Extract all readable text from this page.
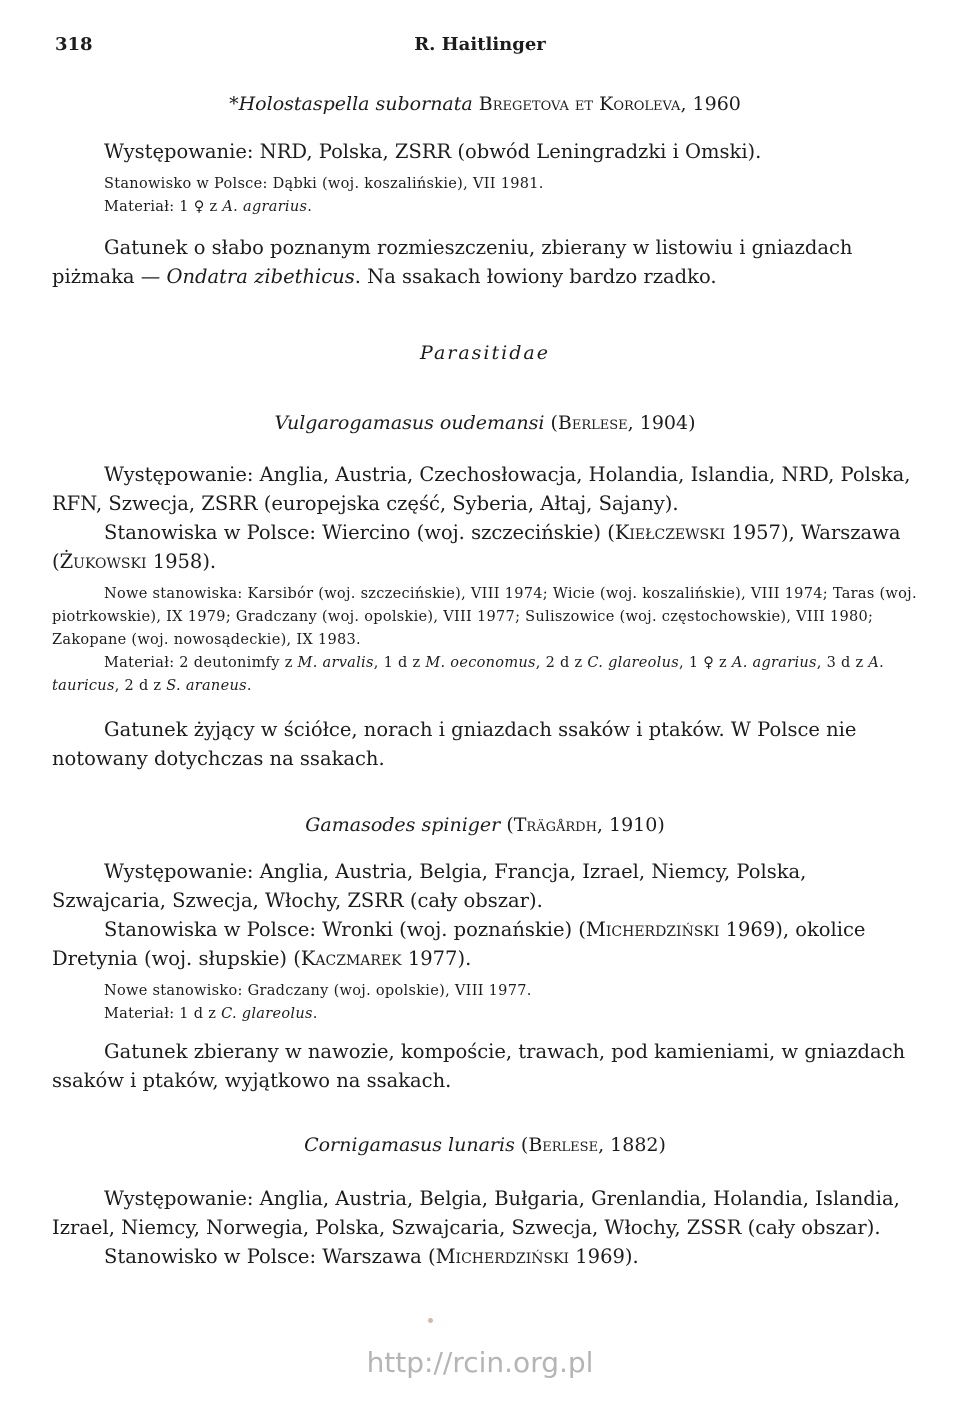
318	R. Haitlinger
*Holostaspella subornata Bregetova et Koroleva, 1960

Występowanie: NRD, Polska, ZSRR (obwód Leningradzki i Omski).

Stanowisko w Polsce: Dąbki (woj. koszalińskie), VII 1981.

Materiał: 1 ♀ z A. agrarius.

Gatunek o słabo poznanym rozmieszczeniu, zbierany w listowiu i gniazdach piżmaka — Ondatra zibethicus. Na ssakach łowiony bardzo rzadko.

Parasitidae
Vulgarogamasus oudemansi (Berlese, 1904)

Występowanie: Anglia, Austria, Czechosłowacja, Holandia, Islandia, NRD, Polska, RFN, Szwecja, ZSRR (europejska część, Syberia, Ałtaj, Sajany).

Stanowiska w Polsce: Wiercino (woj. szczecińskie) (Kiełczewski 1957), Warszawa (Żukowski 1958).

Nowe stanowiska: Karsibór (woj. szczecińskie), VIII 1974; Wicie (woj. koszalińskie), VIII 1974; Taras (woj. piotrkowskie), IX 1979; Gradczany (woj. opolskie), VIII 1977; Suliszowice (woj. częstochowskie), VIII 1980; Zakopane (woj. nowosądeckie), IX 1983.

Materiał: 2 deutonimfy z M. arvalis, 1 d z M. oeconomus, 2 d z C. glareolus, 1 ♀ z A. agrarius, 3 d z A. tauricus, 2 d z S. araneus.

Gatunek żyjący w ściółce, norach i gniazdach ssaków i ptaków. W Polsce nie notowany dotychczas na ssakach.

Gamasodes spiniger (Trägårdh, 1910)

Występowanie: Anglia, Austria, Belgia, Francja, Izrael, Niemcy, Polska, Szwajcaria, Szwecja, Włochy, ZSRR (cały obszar).

Stanowiska w Polsce: Wronki (woj. poznańskie) (Micherdziński 1969), okolice Dretynia (woj. słupskie) (Kaczmarek 1977).

Nowe stanowisko: Gradczany (woj. opolskie), VIII 1977.

Materiał: 1 d z C. glareolus.

Gatunek zbierany w nawozie, kompoście, trawach, pod kamieniami, w gniazdach ssaków i ptaków, wyjątkowo na ssakach.

Cornigamasus lunaris (Berlese, 1882)

Występowanie: Anglia, Austria, Belgia, Bułgaria, Grenlandia, Holandia, Islandia, Izrael, Niemcy, Norwegia, Polska, Szwajcaria, Szwecja, Włochy, ZSSR (cały obszar).

Stanowisko w Polsce: Warszawa (Micherdziński 1969).

http://rcin.org.pl
